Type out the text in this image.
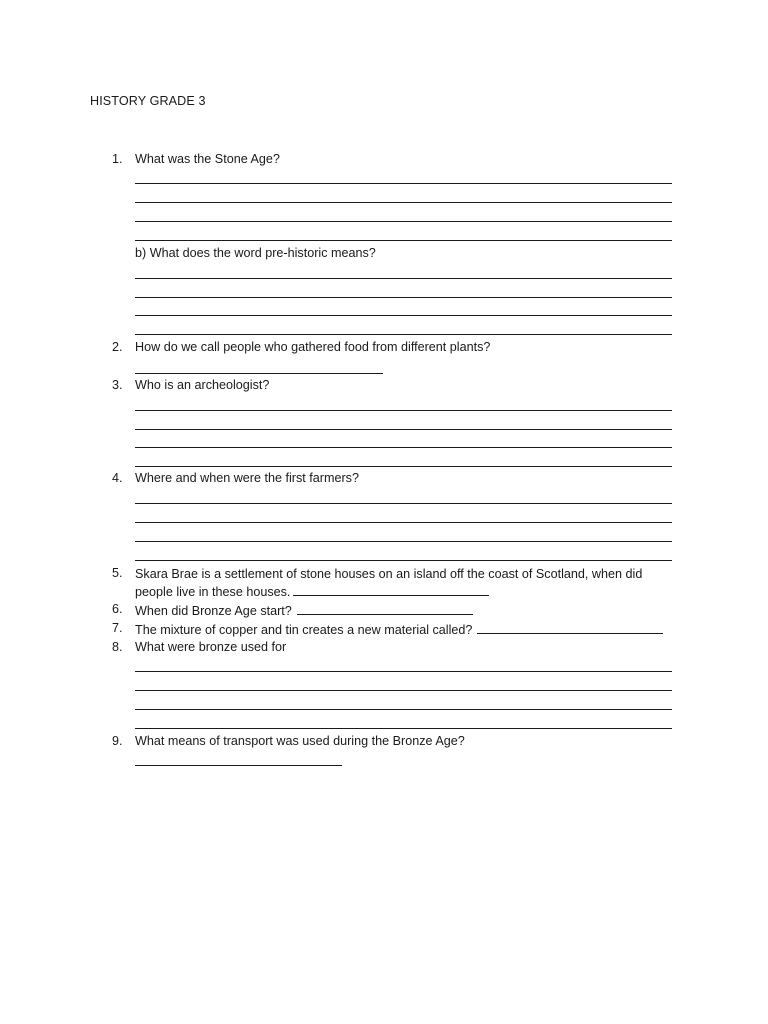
HISTORY GRADE 3
1. What was the Stone Age?
b) What does the word pre-historic means?
2. How do we call people who gathered food from different plants?
3. Who is an archeologist?
4. Where and when were the first farmers?
5. Skara Brae is a settlement of stone houses on an island off the coast of Scotland, when did people live in these houses.
6. When did Bronze Age start?
7. The mixture of copper and tin creates a new material called?
8. What were bronze used for
9. What means of transport was used during the Bronze Age?
